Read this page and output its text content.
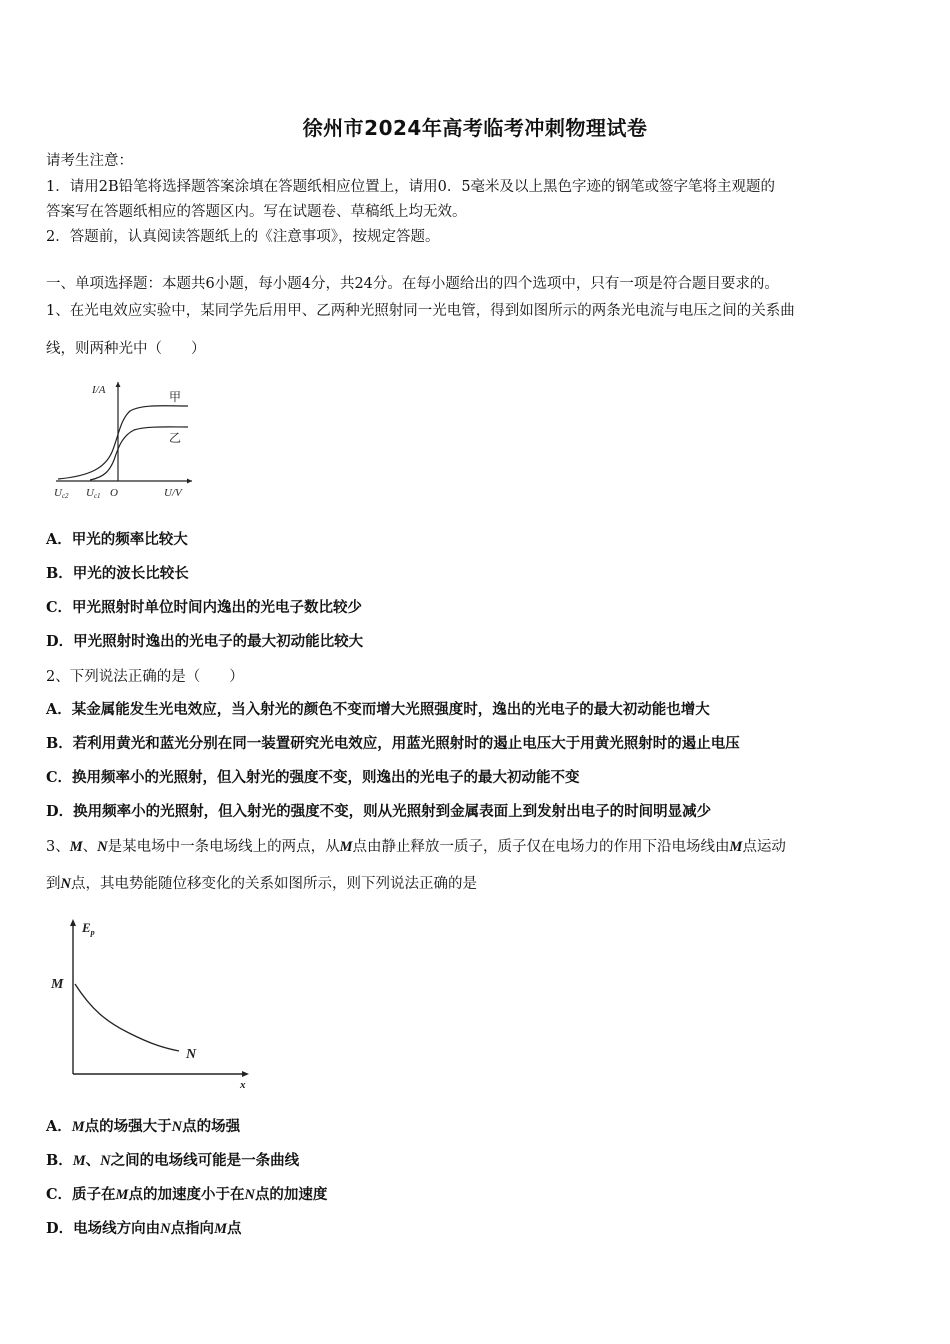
徐州市2024年高考临考冲刺物理试卷
请考生注意：
1．请用2B铅笔将选择题答案涂填在答题纸相应位置上，请用0．5毫米及以上黑色字迹的钢笔或签字笔将主观题的
答案写在答题纸相应的答题区内。写在试题卷、草稿纸上均无效。
2．答题前，认真阅读答题纸上的《注意事项》，按规定答题。
一、单项选择题：本题共6小题，每小题4分，共24分。在每小题给出的四个选项中，只有一项是符合题目要求的。
1、在光电效应实验中，某同学先后用甲、乙两种光照射同一光电管，得到如图所示的两条光电流与电压之间的关系曲
线，则两种光中（　　）
I/A	甲
乙
Uc2 Uc1 O	U/V
A．甲光的频率比较大
B．甲光的波长比较长
C．甲光照射时单位时间内逸出的光电子数比较少
D．甲光照射时逸出的光电子的最大初动能比较大
2、下列说法正确的是（　　）
A．某金属能发生光电效应，当入射光的颜色不变而增大光照强度时，逸出的光电子的最大初动能也增大
B．若利用黄光和蓝光分别在同一装置研究光电效应，用蓝光照射时的遏止电压大于用黄光照射时的遏止电压
C．换用频率小的光照射，但入射光的强度不变，则逸出的光电子的最大初动能不变
D．换用频率小的光照射，但入射光的强度不变，则从光照射到金属表面上到发射出电子的时间明显减少
3、M、N是某电场中一条电场线上的两点，从M点由静止释放一质子，质子仅在电场力的作用下沿电场线由M点运动
到N点，其电势能随位移变化的关系如图所示，则下列说法正确的是
$E_p$
M
N
x
A．M点的场强大于N点的场强
B．M、N之间的电场线可能是一条曲线
C．质子在M点的加速度小于在N点的加速度
D．电场线方向由N点指向M点
